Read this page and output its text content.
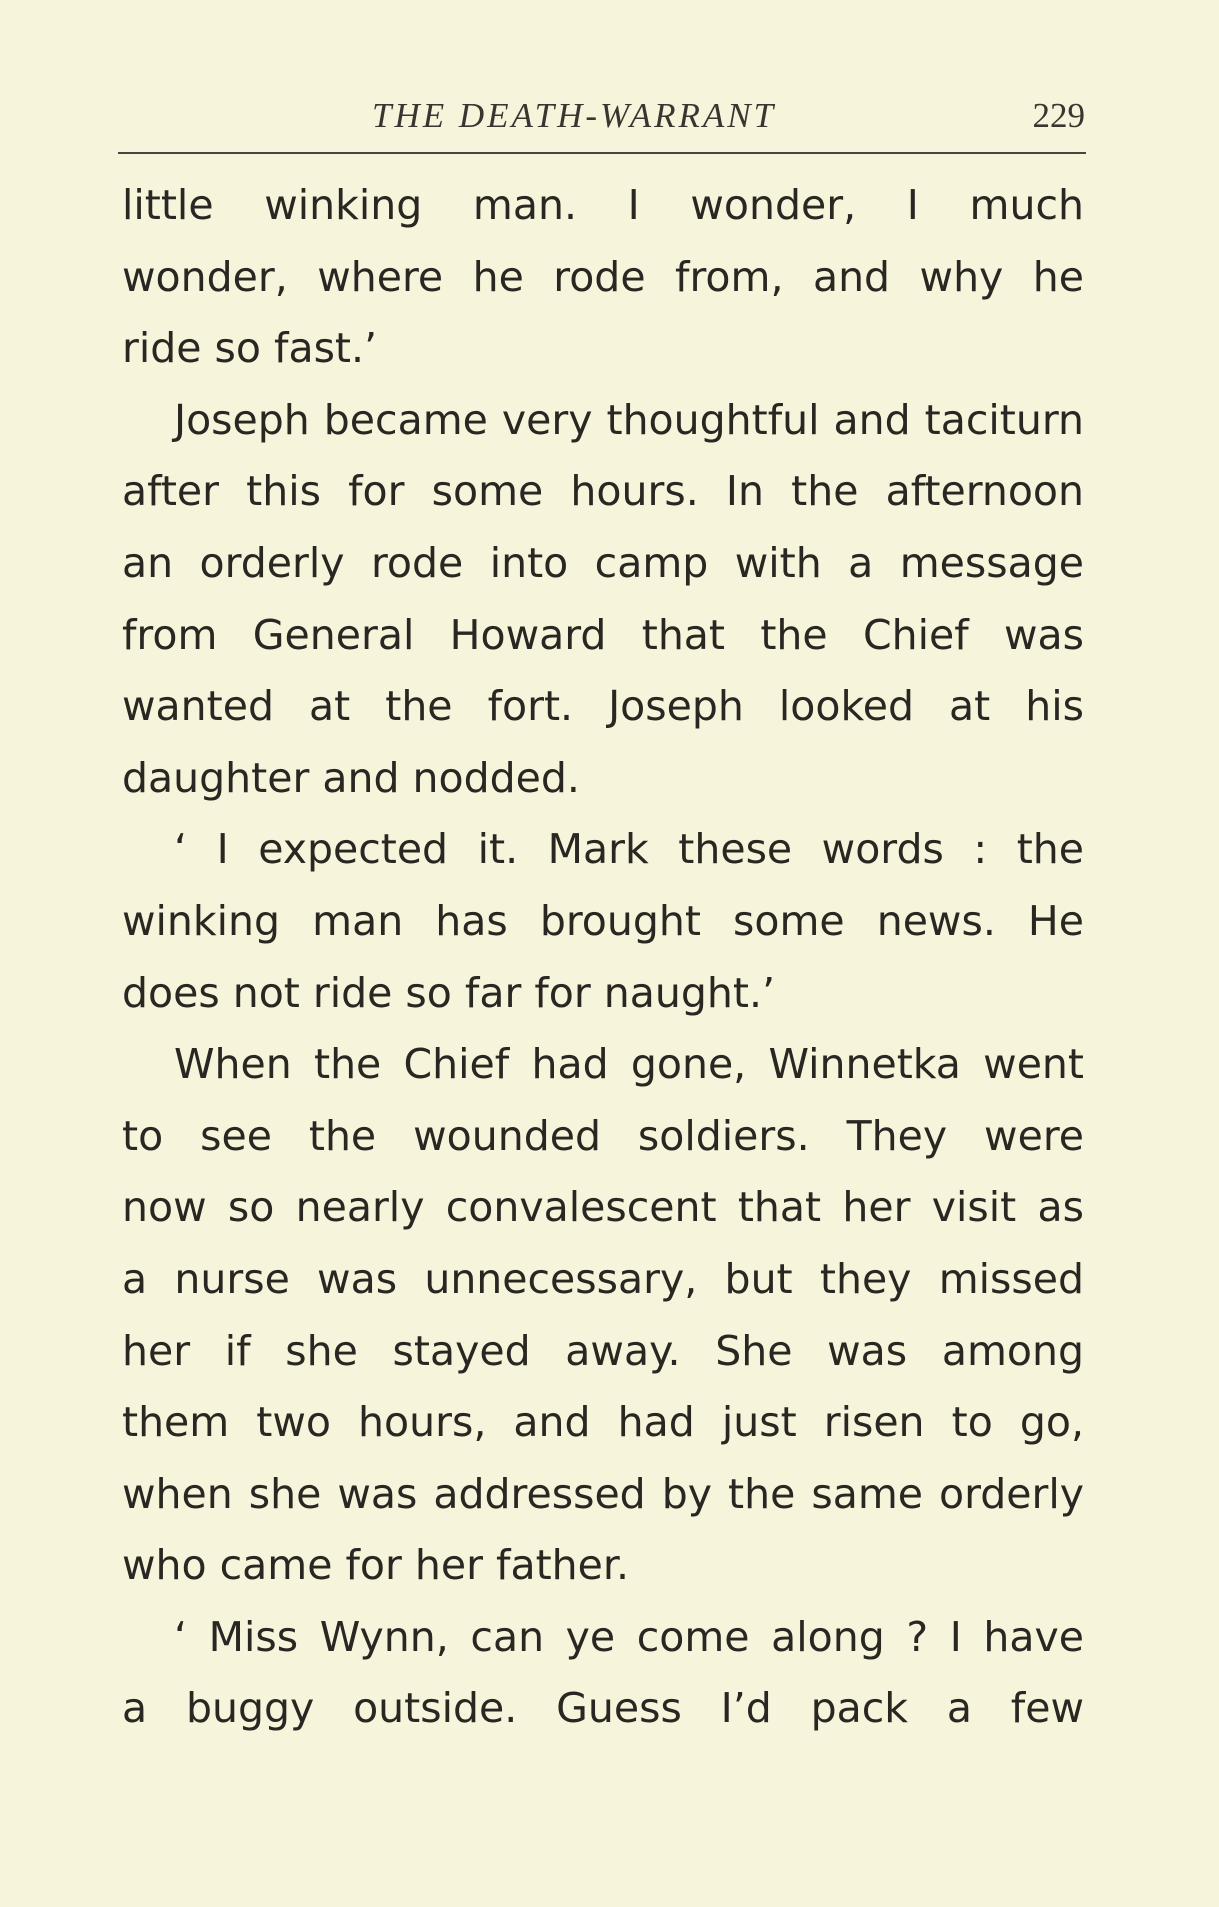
THE DEATH-WARRANT	229
little winking man. I wonder, I much
wonder, where he rode from, and why he
ride so fast.’
Joseph became very thoughtful and taciturn
after this for some hours. In the afternoon
an orderly rode into camp with a message
from General Howard that the Chief was
wanted at the fort. Joseph looked at his
daughter and nodded.
‘ I expected it. Mark these words : the
winking man has brought some news. He
does not ride so far for naught.’
When the Chief had gone, Winnetka went
to see the wounded soldiers. They were
now so nearly convalescent that her visit as
a nurse was unnecessary, but they missed
her if she stayed away. She was among
them two hours, and had just risen to go,
when she was addressed by the same orderly
who came for her father.
‘ Miss Wynn, can ye come along ? I have
a buggy outside. Guess I’d pack a few
